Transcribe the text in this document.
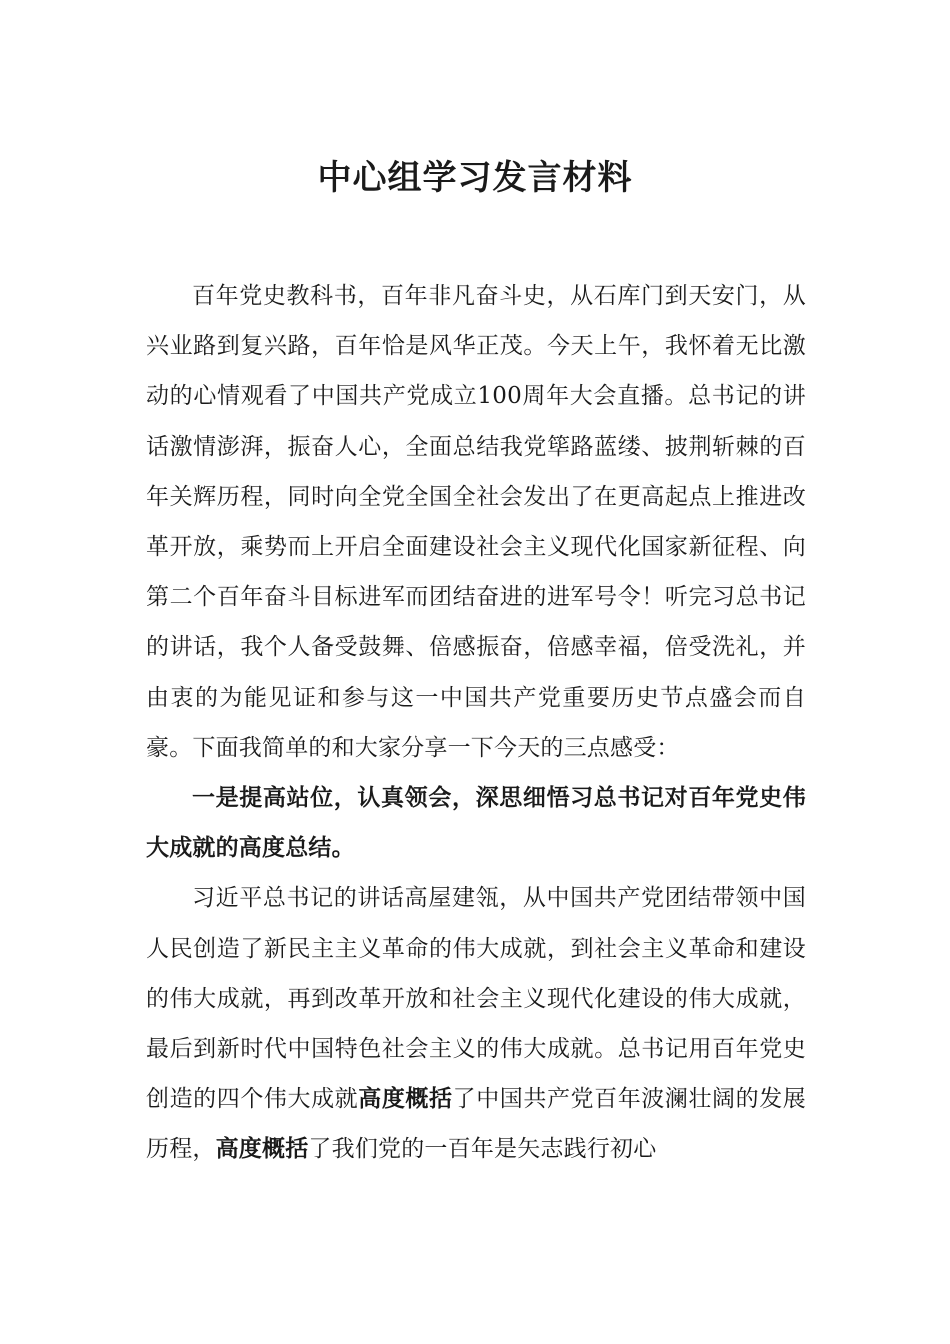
中心组学习发言材料

百年党史教科书，百年非凡奋斗史，从石库门到天安门，从兴业路到复兴路，百年恰是风华正茂。今天上午，我怀着无比激动的心情观看了中国共产党成立100周年大会直播。总书记的讲话激情澎湃，振奋人心，全面总结我党筚路蓝缕、披荆斩棘的百年关辉历程，同时向全党全国全社会发出了在更高起点上推进改革开放，乘势而上开启全面建设社会主义现代化国家新征程、向第二个百年奋斗目标进军而团结奋进的进军号令！听完习总书记的讲话，我个人备受鼓舞、倍感振奋，倍感幸福，倍受洗礼，并由衷的为能见证和参与这一中国共产党重要历史节点盛会而自豪。下面我简单的和大家分享一下今天的三点感受：

一是提高站位，认真领会，深思细悟习总书记对百年党史伟大成就的高度总结。

习近平总书记的讲话高屋建瓴，从中国共产党团结带领中国人民创造了新民主主义革命的伟大成就，到社会主义革命和建设的伟大成就，再到改革开放和社会主义现代化建设的伟大成就，最后到新时代中国特色社会主义的伟大成就。总书记用百年党史创造的四个伟大成就高度概括了中国共产党百年波澜壮阔的发展历程，高度概括了我们党的一百年是矢志践行初心
